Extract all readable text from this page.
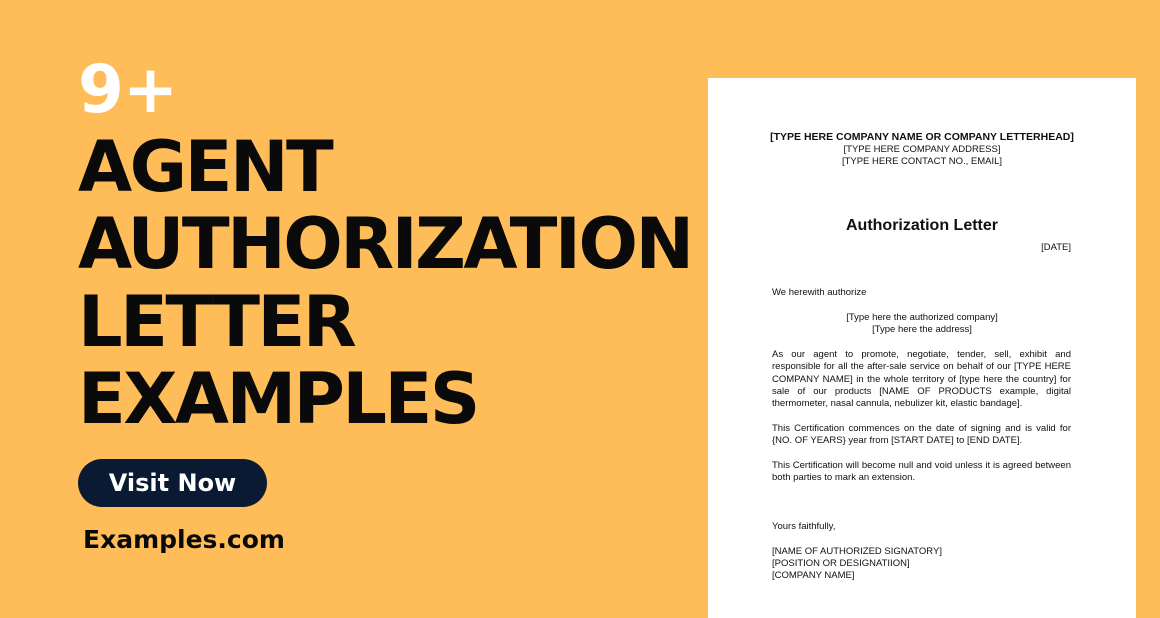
9+
AGENT
AUTHORIZATION
LETTER
EXAMPLES
Visit Now
Examples.com

[TYPE HERE COMPANY NAME OR COMPANY LETTERHEAD]

[TYPE HERE COMPANY ADDRESS]

[TYPE HERE CONTACT NO., EMAIL]

Authorization Letter

[DATE]

We herewith authorize

[Type here the authorized company]

[Type here the address]

As our agent to promote, negotiate, tender, sell, exhibit and responsible for all the after-sale service on behalf of our [TYPE HERE COMPANY NAME] in the whole territory of [type here the country] for sale of our products [NAME OF PRODUCTS example, digital thermometer, nasal cannula, nebulizer kit, elastic bandage].

This Certification commences on the date of signing and is valid for {NO. OF YEARS} year from [START DATE] to [END DATE].

This Certification will become null and void unless it is agreed between both parties to mark an extension.

Yours faithfully,

[NAME OF AUTHORIZED SIGNATORY]

[POSITION OR DESIGNATIION]

[COMPANY NAME]
